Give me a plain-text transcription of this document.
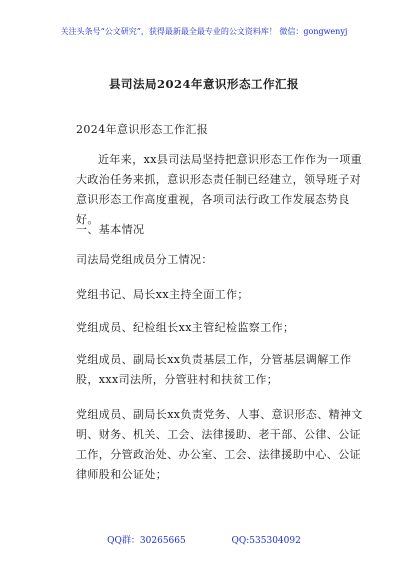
关注头条号“公文研究”，获得最新最全最专业的公文资料库！ 微信：gongwenyj
县司法局2024年意识形态工作汇报
2024年意识形态工作汇报
近年来，xx县司法局坚持把意识形态工作作为一项重大政治任务来抓，意识形态责任制已经建立，领导班子对意识形态工作高度重视，各项司法行政工作发展态势良好。
一、基本情况
司法局党组成员分工情况：
党组书记、局长xx主持全面工作；
党组成员、纪检组长xx主管纪检监察工作；
党组成员、副局长xx负责基层工作，分管基层调解工作股，xxx司法所，分管驻村和扶贫工作；
党组成员、副局长xx负责党务、人事、意识形态、精神文明、财务、机关、工会、法律援助、老干部、公律、公证工作，分管政治处、办公室、工会、法律援助中心、公证律师股和公证处；
QQ群：30265665	QQ:535304092
